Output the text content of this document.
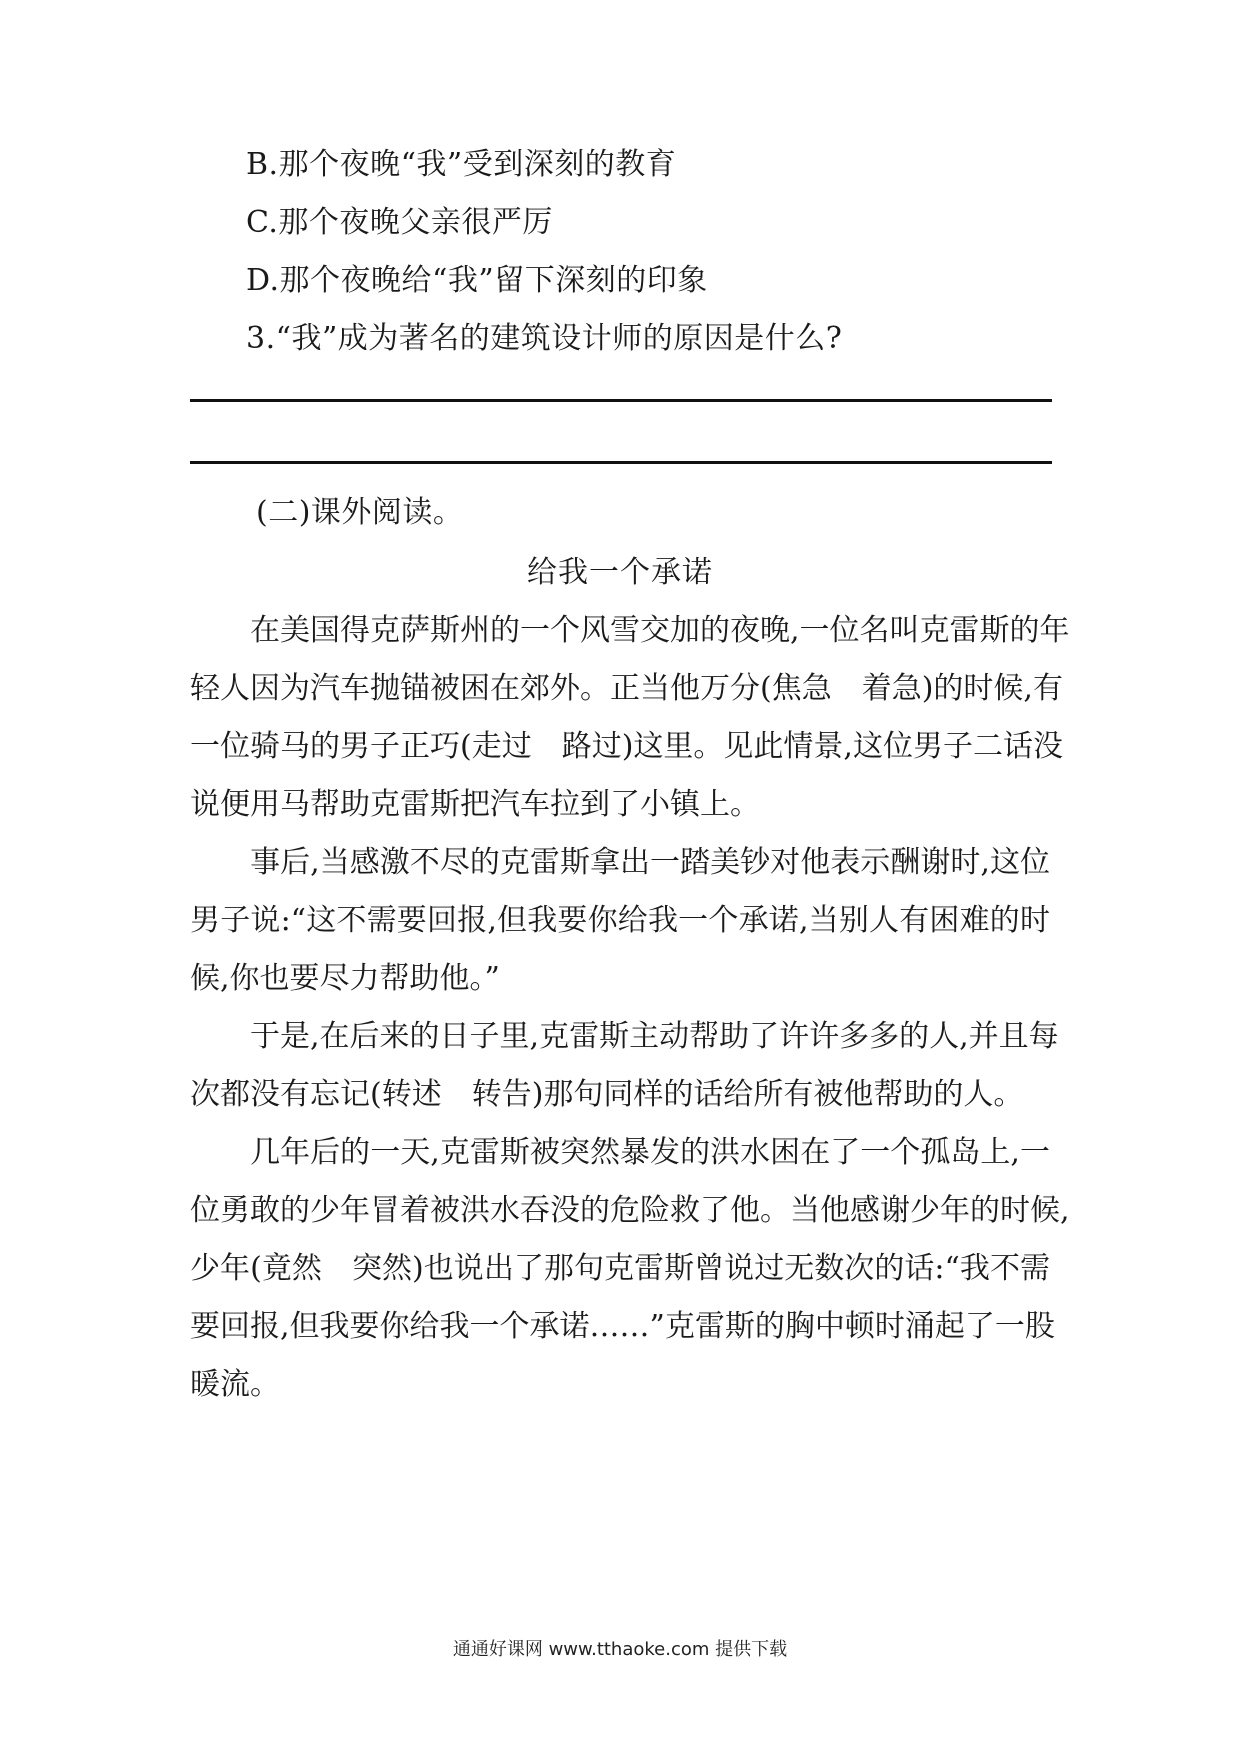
B.那个夜晚“我”受到深刻的教育
C.那个夜晚父亲很严厉
D.那个夜晚给“我”留下深刻的印象
3.“我”成为著名的建筑设计师的原因是什么?
(二)课外阅读。
给我一个承诺
　　在美国得克萨斯州的一个风雪交加的夜晚,一位名叫克雷斯的年
轻人因为汽车抛锚被困在郊外。正当他万分(焦急　着急)的时候,有
一位骑马的男子正巧(走过　路过)这里。见此情景,这位男子二话没
说便用马帮助克雷斯把汽车拉到了小镇上。
　　事后,当感激不尽的克雷斯拿出一踏美钞对他表示酬谢时,这位
男子说:“这不需要回报,但我要你给我一个承诺,当别人有困难的时
候,你也要尽力帮助他。”
　　于是,在后来的日子里,克雷斯主动帮助了许许多多的人,并且每
次都没有忘记(转述　转告)那句同样的话给所有被他帮助的人。
　　几年后的一天,克雷斯被突然暴发的洪水困在了一个孤岛上,一
位勇敢的少年冒着被洪水吞没的危险救了他。当他感谢少年的时候,
少年(竟然　突然)也说出了那句克雷斯曾说过无数次的话:“我不需
要回报,但我要你给我一个承诺……”克雷斯的胸中顿时涌起了一股
暖流。
通通好课网 www.tthaoke.com 提供下载
